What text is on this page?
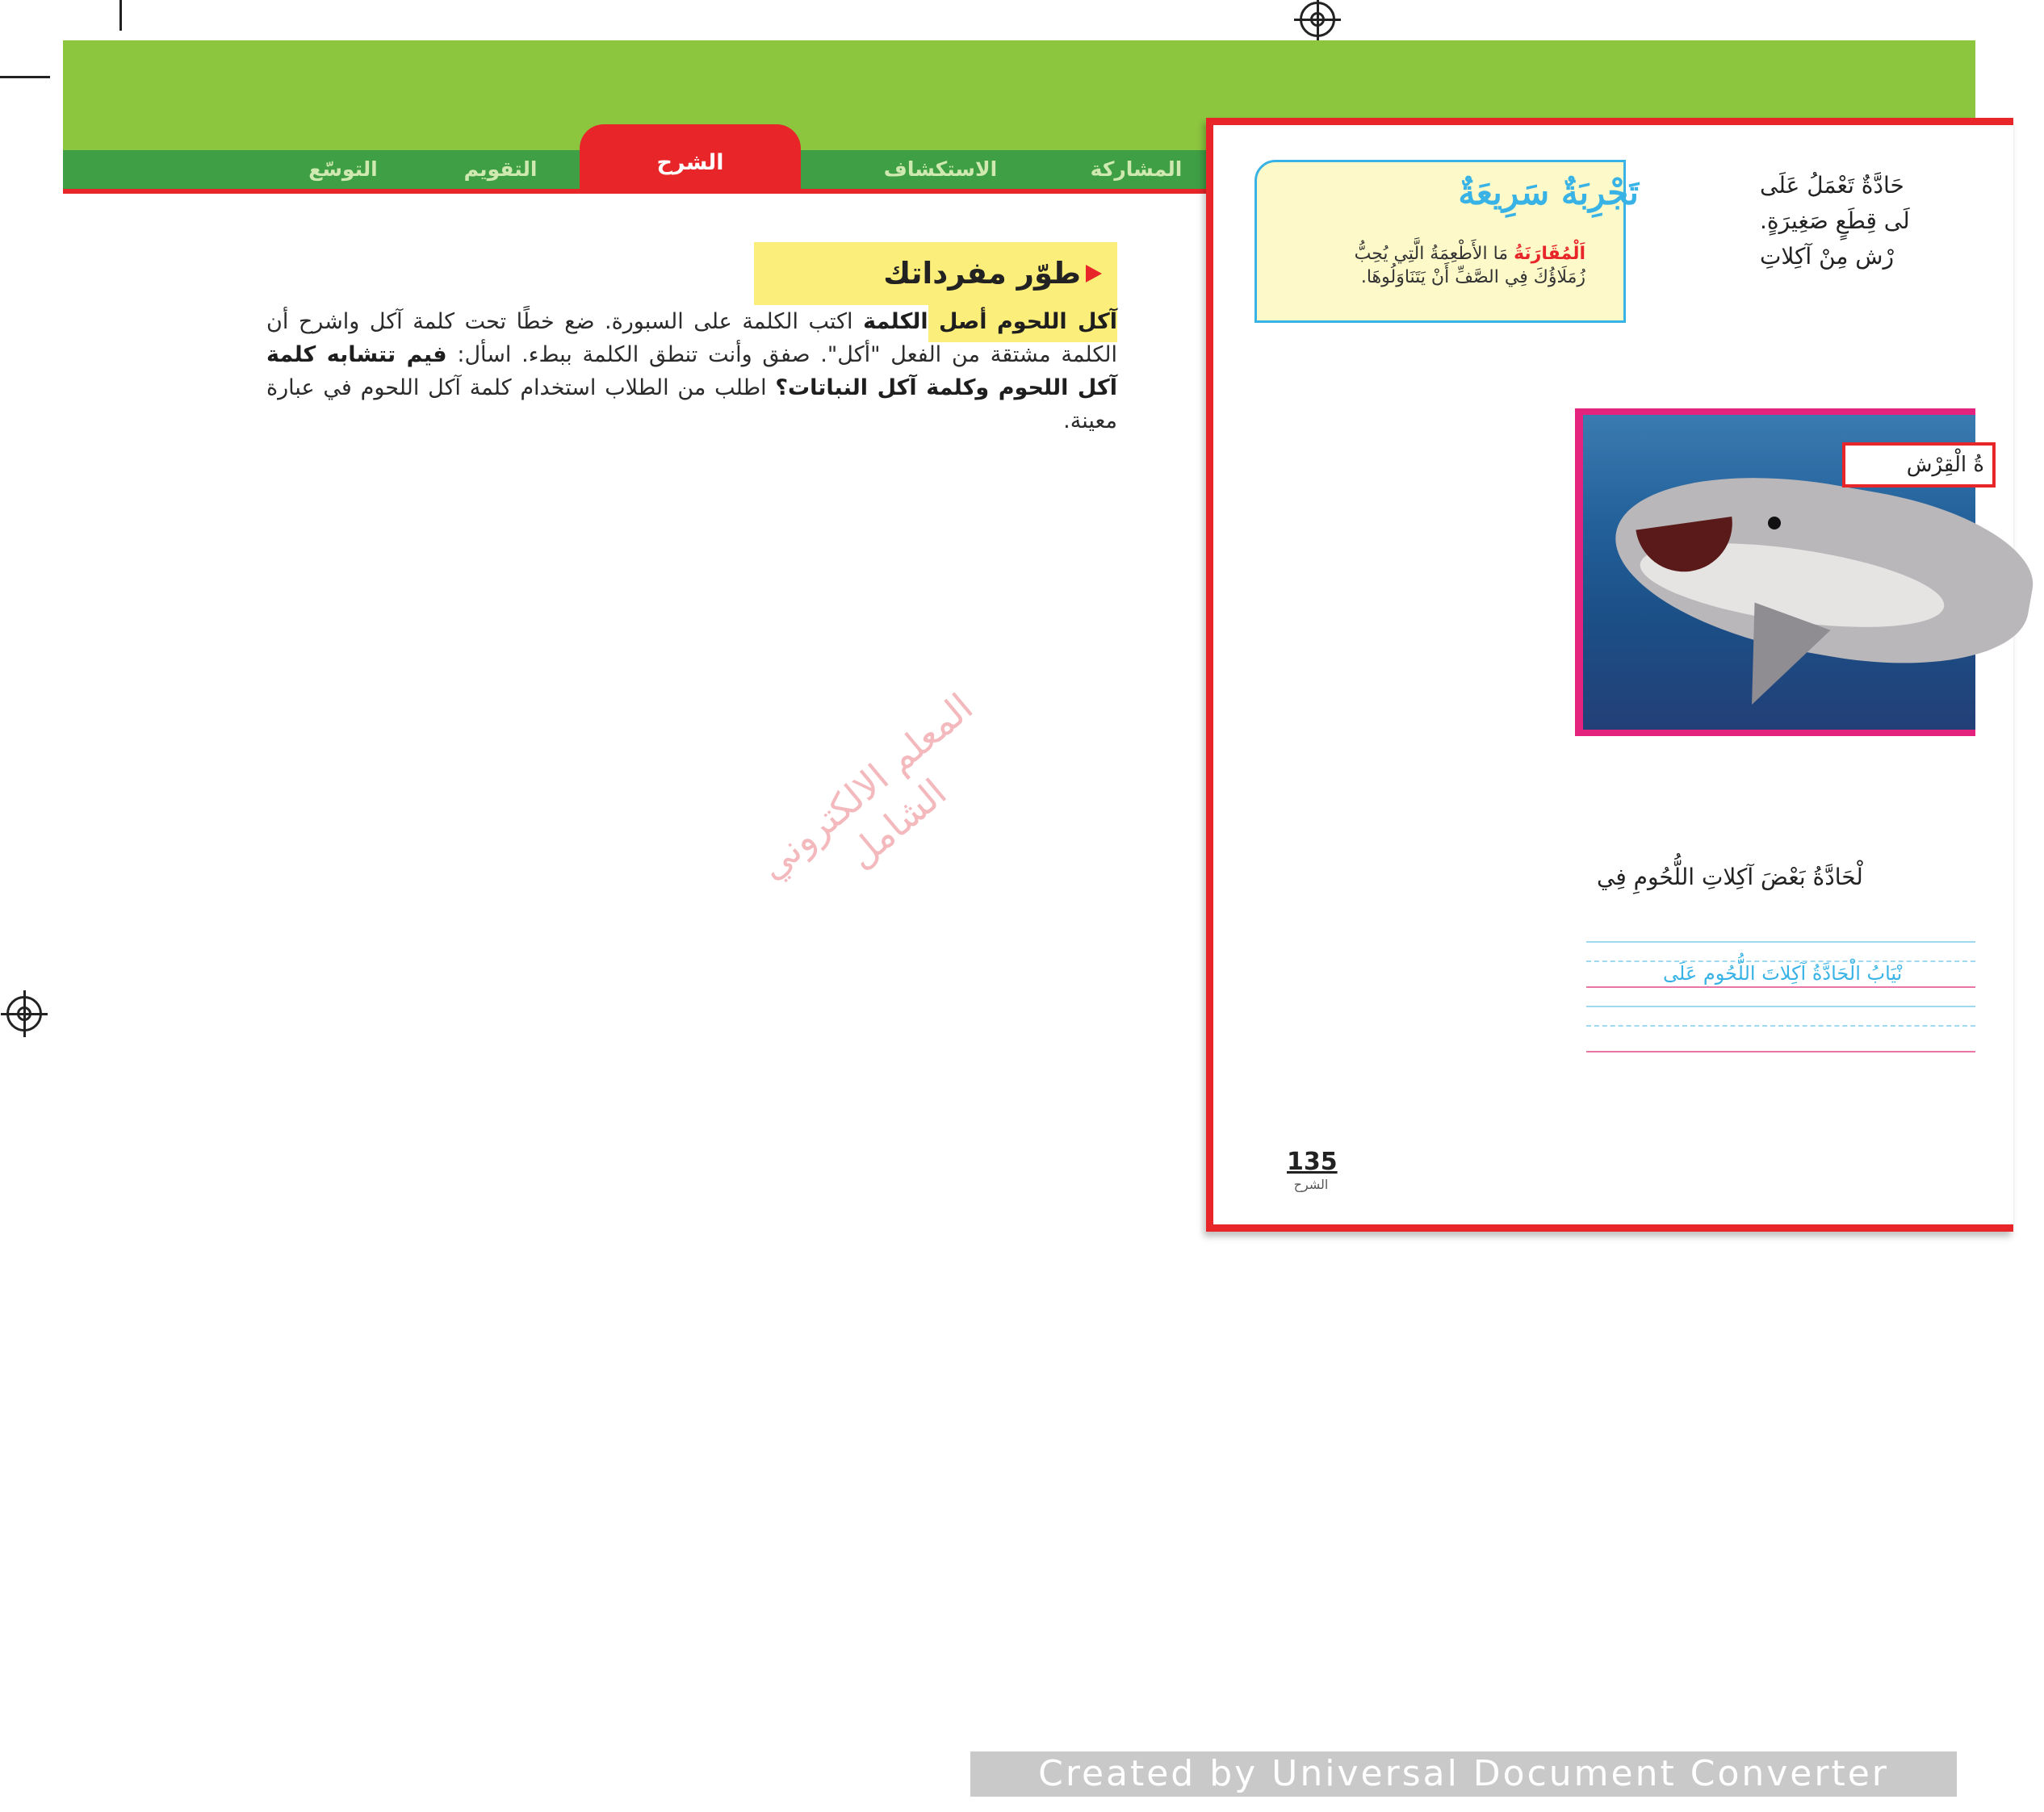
التوسّع	التقويم	الشرح	الاستكشاف	المشاركة
طوّر مفرداتك
آكل اللحوم أصل الكلمة اكتب الكلمة على السبورة. ضع خطًا تحت كلمة آكل واشرح أن الكلمة مشتقة من الفعل "أكل". صفق وأنت تنطق الكلمة ببطء. اسأل: فيم تتشابه كلمة آكل اللحوم وكلمة آكل النباتات؟ اطلب من الطلاب استخدام كلمة آكل اللحوم في عبارة معينة.
المعلم الالكتروني الشامل
تَجْرِبَةٌ سَرِيعَةٌ
اَلْمُقَارَنَةُ مَا الأَطْعِمَةُ الَّتِي يُحِبُّ زُمَلَاؤُكَ فِي الصَّفِّ أَنْ يَتَنَاوَلُوهَا.
حَادَّةٌ تَعْمَلُ عَلَى
لَى قِطَعٍ صَغِيرَةٍ.
رْش مِنْ آكِلاتِ
ةُ الْقِرْش
لْحَادَّةُ بَعْضَ آكِلاتِ اللُّحُومِ فِي
نْيَابُ الْحَادَّةُ آكِلاتَ اللُّحُومِ عَلَى
135
الشرح
Created by Universal Document Converter
